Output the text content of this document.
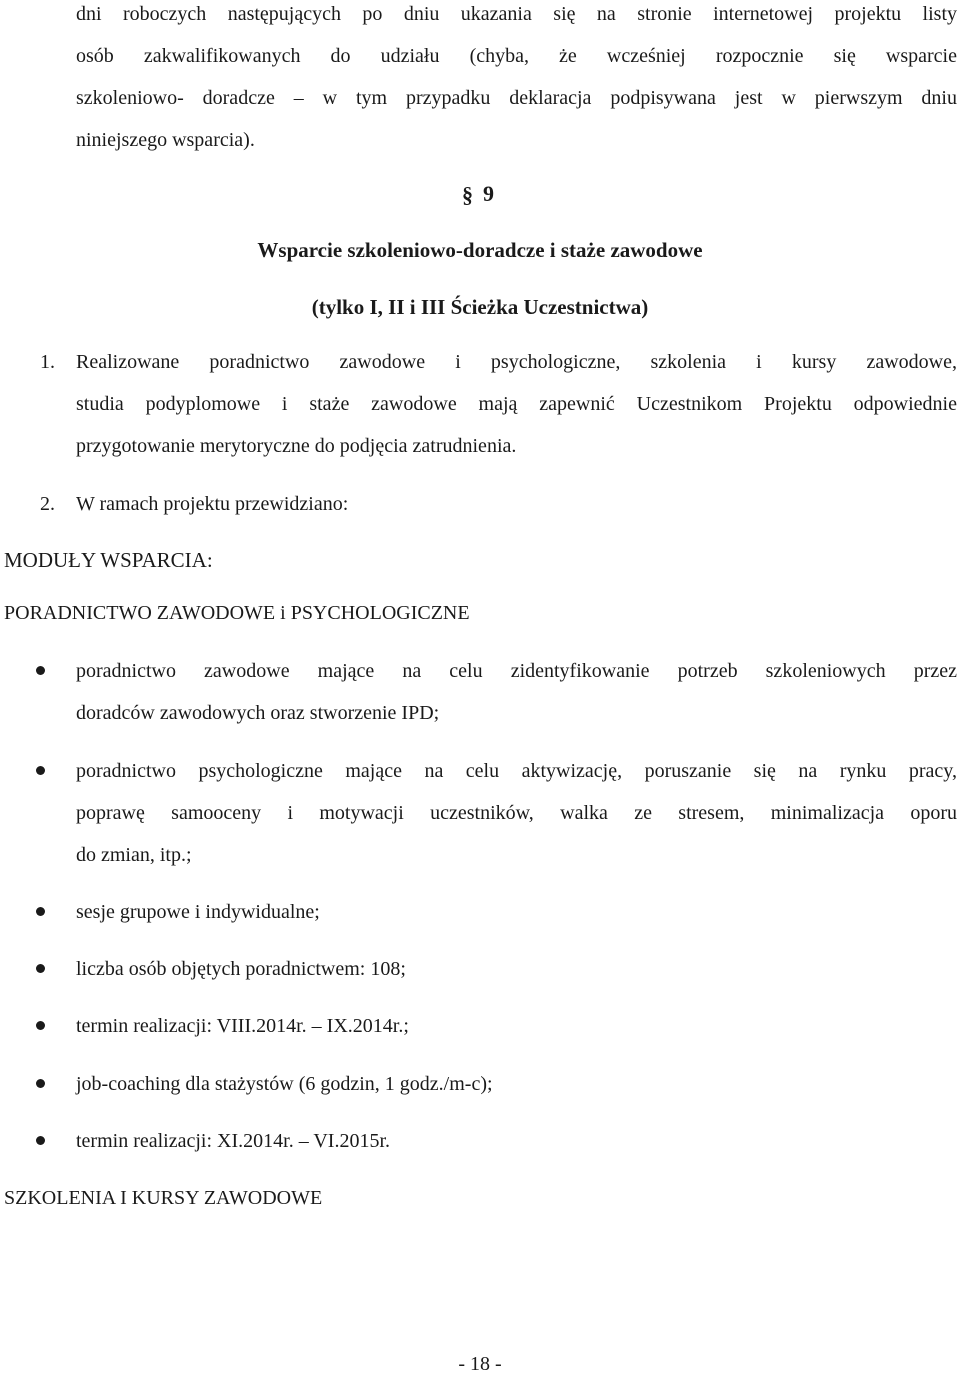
dni roboczych następujących po dniu ukazania się na stronie internetowej projektu listy
osób zakwalifikowanych do udziału (chyba, że wcześniej rozpocznie się wsparcie
szkoleniowo- doradcze – w tym przypadku deklaracja podpisywana jest w pierwszym dniu
niniejszego wsparcia).
§ 9
Wsparcie szkoleniowo-doradcze i staże zawodowe
(tylko I, II i III Ścieżka Uczestnictwa)
1. Realizowane poradnictwo zawodowe i psychologiczne, szkolenia i kursy zawodowe,
studia podyplomowe i staże zawodowe mają zapewnić Uczestnikom Projektu odpowiednie
przygotowanie merytoryczne do podjęcia zatrudnienia.
2. W ramach projektu przewidziano:
MODUŁY WSPARCIA:
PORADNICTWO ZAWODOWE i PSYCHOLOGICZNE
poradnictwo zawodowe mające na celu zidentyfikowanie potrzeb szkoleniowych przez
doradców zawodowych oraz stworzenie IPD;
poradnictwo psychologiczne mające na celu aktywizację, poruszanie się na rynku pracy,
poprawę samooceny i motywacji uczestników, walka ze stresem, minimalizacja oporu
do zmian, itp.;
sesje grupowe i indywidualne;
liczba osób objętych poradnictwem: 108;
termin realizacji: VIII.2014r. – IX.2014r.;
job-coaching dla stażystów (6 godzin, 1 godz./m-c);
termin realizacji: XI.2014r. – VI.2015r.
SZKOLENIA I KURSY ZAWODOWE
- 18 -
